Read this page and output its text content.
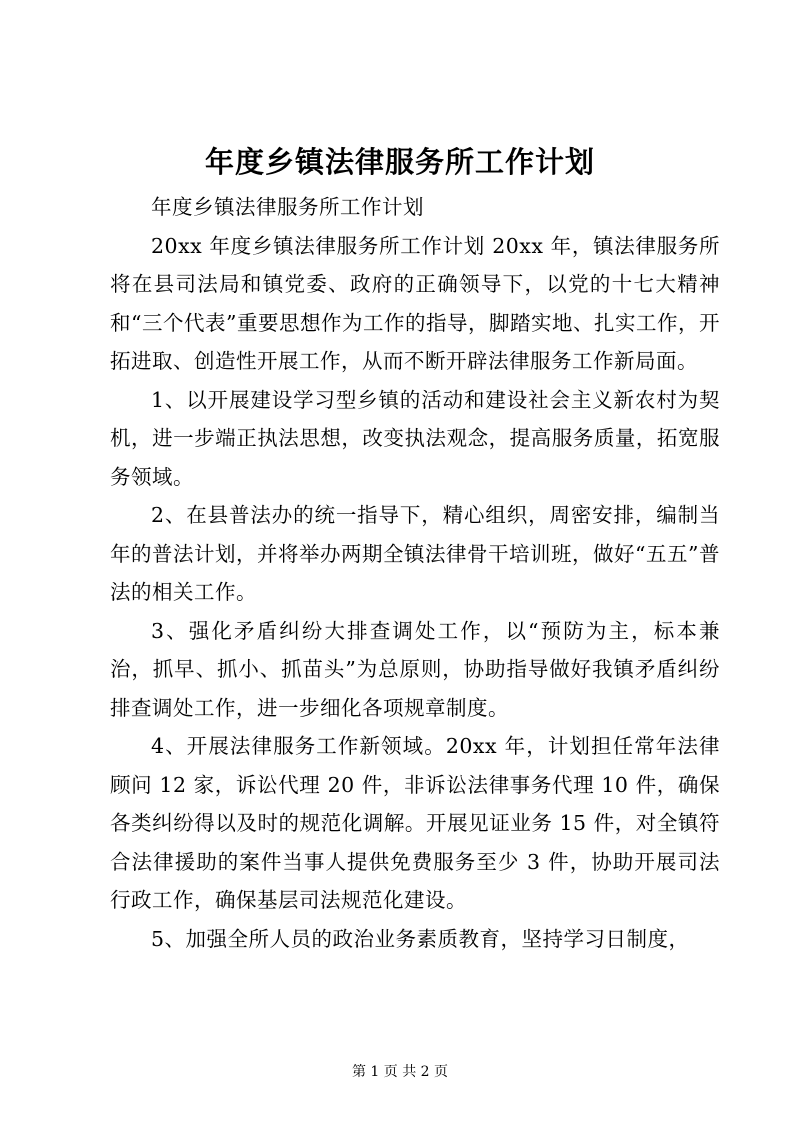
年度乡镇法律服务所工作计划

年度乡镇法律服务所工作计划

20xx 年度乡镇法律服务所工作计划 20xx 年，镇法律服务所将在县司法局和镇党委、政府的正确领导下，以党的十七大精神和“三个代表”重要思想作为工作的指导，脚踏实地、扎实工作，开拓进取、创造性开展工作，从而不断开辟法律服务工作新局面。

1、以开展建设学习型乡镇的活动和建设社会主义新农村为契机，进一步端正执法思想，改变执法观念，提高服务质量，拓宽服务领域。

2、在县普法办的统一指导下，精心组织，周密安排，编制当年的普法计划，并将举办两期全镇法律骨干培训班，做好“五五”普法的相关工作。

3、强化矛盾纠纷大排查调处工作，以“预防为主，标本兼治，抓早、抓小、抓苗头”为总原则，协助指导做好我镇矛盾纠纷排查调处工作，进一步细化各项规章制度。

4、开展法律服务工作新领域。20xx 年，计划担任常年法律顾问 12 家，诉讼代理 20 件，非诉讼法律事务代理 10 件，确保各类纠纷得以及时的规范化调解。开展见证业务 15 件，对全镇符合法律援助的案件当事人提供免费服务至少 3 件，协助开展司法行政工作，确保基层司法规范化建设。

5、加强全所人员的政治业务素质教育，坚持学习日制度，

第 1 页 共 2 页
